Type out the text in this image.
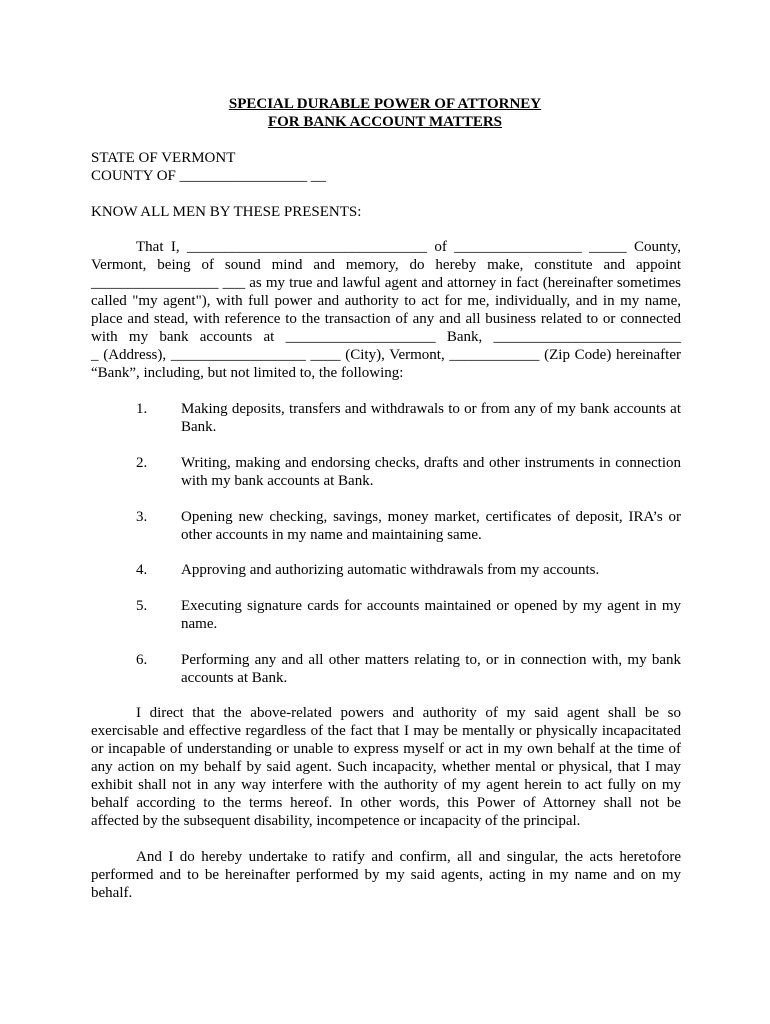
SPECIAL DURABLE POWER OF ATTORNEY
FOR BANK ACCOUNT MATTERS
STATE OF VERMONT
COUNTY OF _________________ __
KNOW ALL MEN BY THESE PRESENTS:
That I, ________________________________ of _________________ _____ County,
Vermont, being of sound mind and memory, do hereby make, constitute and appoint
_________________ ___ as my true and lawful agent and attorney in fact (hereinafter sometimes
called "my agent"), with full power and authority to act for me, individually, and in my name,
place and stead, with reference to the transaction of any and all business related to or connected
with my bank accounts at ____________________ Bank, _________________________
_ (Address), __________________ ____ (City), Vermont, ____________ (Zip Code) hereinafter
“Bank”, including, but not limited to, the following:
1. Making deposits, transfers and withdrawals to or from any of my bank accounts at
Bank.
2. Writing, making and endorsing checks, drafts and other instruments in connection
with my bank accounts at Bank.
3. Opening new checking, savings, money market, certificates of deposit, IRA’s or
other accounts in my name and maintaining same.
4. Approving and authorizing automatic withdrawals from my accounts.
5. Executing signature cards for accounts maintained or opened by my agent in my
name.
6. Performing any and all other matters relating to, or in connection with, my bank
accounts at Bank.
I direct that the above-related powers and authority of my said agent shall be so
exercisable and effective regardless of the fact that I may be mentally or physically incapacitated
or incapable of understanding or unable to express myself or act in my own behalf at the time of
any action on my behalf by said agent. Such incapacity, whether mental or physical, that I may
exhibit shall not in any way interfere with the authority of my agent herein to act fully on my
behalf according to the terms hereof. In other words, this Power of Attorney shall not be
affected by the subsequent disability, incompetence or incapacity of the principal.
And I do hereby undertake to ratify and confirm, all and singular, the acts heretofore
performed and to be hereinafter performed by my said agents, acting in my name and on my
behalf.
